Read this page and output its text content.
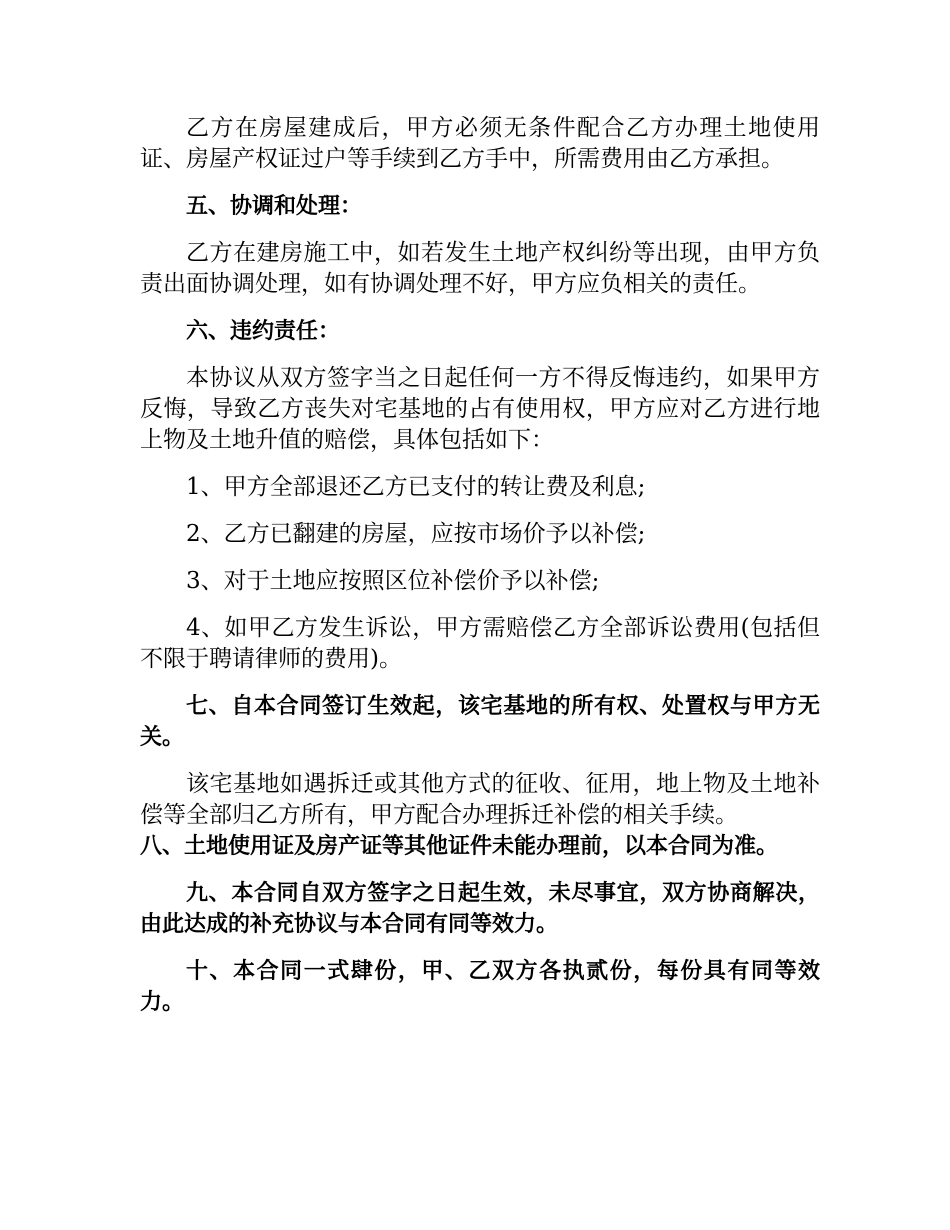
乙方在房屋建成后，甲方必须无条件配合乙方办理土地使用证、房屋产权证过户等手续到乙方手中，所需费用由乙方承担。

五、协调和处理：

乙方在建房施工中，如若发生土地产权纠纷等出现，由甲方负责出面协调处理，如有协调处理不好，甲方应负相关的责任。

六、违约责任：

本协议从双方签字当之日起任何一方不得反悔违约，如果甲方反悔，导致乙方丧失对宅基地的占有使用权，甲方应对乙方进行地上物及土地升值的赔偿，具体包括如下：

1、甲方全部退还乙方已支付的转让费及利息;

2、乙方已翻建的房屋，应按市场价予以补偿;

3、对于土地应按照区位补偿价予以补偿;

4、如甲乙方发生诉讼，甲方需赔偿乙方全部诉讼费用(包括但不限于聘请律师的费用)。

七、自本合同签订生效起，该宅基地的所有权、处置权与甲方无关。

该宅基地如遇拆迁或其他方式的征收、征用，地上物及土地补偿等全部归乙方所有，甲方配合办理拆迁补偿的相关手续。

八、土地使用证及房产证等其他证件未能办理前，以本合同为准。

九、本合同自双方签字之日起生效，未尽事宜，双方协商解决，由此达成的补充协议与本合同有同等效力。

十、本合同一式肆份，甲、乙双方各执贰份，每份具有同等效力。
